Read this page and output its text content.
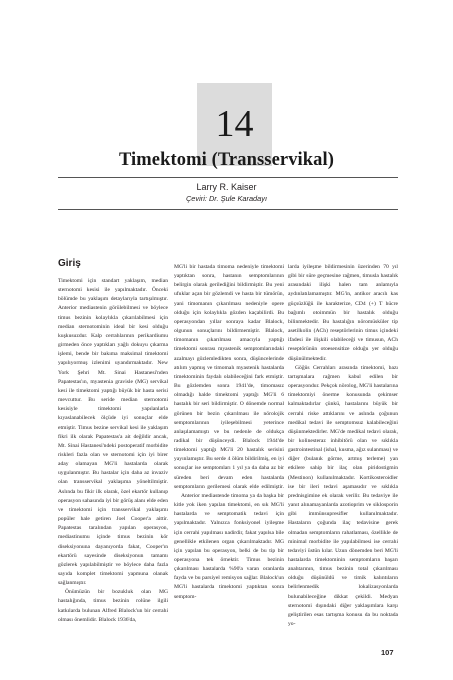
14
Timektomi (Transservikal)
Larry R. Kaiser
Çeviri: Dr. Şule Karadayı
Giriş

Timektomi için standart yaklaşım, median sternotomi kesisi ile yapılmaktadır. Önceki bölümde bu yaklaşım detaylarıyla tartışılmıştır. Anterior mediastenin görülebilmesi ve böylece timus bezinin kolaylıkla çıkarılabilmesi için median sternotominin ideal bir kesi olduğu kuşkusuzdur. Kalp cerrahlarının perikardiumu girmeden önce yaptıkları yağlı dokuyu çıkarma işlemi, bende bir bakıma maksimal timektomi yapılıyormuş izlenimi uyandırmaktadır. New York Şehri Mt. Sinai Hastanesi'nden Papatestas'ın, myastenia gravisle (MG) servikal kesi ile timektomi yaptığı büyük bir hasta serisi mevcuttur. Bu seride median sternotomi kesisiyle timektomi yapılanlarla kıyaslanabilecek ölçüde iyi sonuçlar elde etmiştir. Timus bezine servikal kesi ile yaklaşım fikri ilk olarak Papatestas'a ait değildir ancak, Mt. Sinai Hastanesi'ndeki postoperatif morbidite riskleri fazla olan ve sternotomi için iyi birer aday olamayan MG'li hastalarda olarak uygulanmıştır. Bu hastalar için daha az invaziv olan transservikal yaklaşıma yöneltilmiştir. Aslında bu fikir ilk olarak, özel ekartör kullanıp operasyon sahasında iyi bir görüş alanı elde eden ve timektomi için transservikal yaklaşımı popüler hale getiren Joel Cooper'a aittir. Papatestas taralından yapılan operasyon, mediastinumu içinde timus bezinin kör diseksiyonuna dayanıyorda fakat, Cooper'ın ekartörü sayesinde diseksiyonun tamamı gözlerek yapılabilmiştir ve böylece daha fazla sayıda komplet timektomi yapmuna olanak sağlanmıştır.

Önümüzün bir bozukluk olan MG hastalığında, timus bezinin rolüne ilgili katkılarda bulunan Alfred Blalock'un bir cerrahi olması önemlidir. Blalock 1936'da,

MG'li bir hastada timoma nedeniyle timektomi yaptıktan sonra, hastanın semptomlarının belirgin olarak gerilediğini bildirmiştir. Bu yeni ufuklar açan bir gözlemdi ve hasta bir tümörün, yani timomanın çıkarılması nedeniyle opere olduğu için kolaylıkla gözden kaçabilirdi. Bu operasyondan yıllar sonraya kadar Blalock, olgunun sonuçlarını bildirmemiştir. Blalock, timomanın çıkarılması amacıyla yaptığı timektomi sonrası myastenik semptomlarındaki azalmayı gözlemledikten sonra, düşüncelerinde atılım yapmış ve timomalı myastenik hastalarda timektominin faydalı olabileceğini fark etmiştir. Bu gözlemden sonra 1941'de, timomasız olmadığı halde timektomi yaptığı MG'li 6 hastalık bir seri bildirmiştir. O dönemde normal görünen bir bezin çıkarılması ile nörolojik semptomlarının iyileşebilmesi yeterince anlaşılamamıştı ve bu nedenle de oldukça radikal bir düşünceydi. Blalock 1944'de timektomi yaptığı MG'li 20 hastalık serisini yayınlamıştır. Bu serde 4 ölüm bildirilmiş, en iyi sonuçlar ise semptomları 1 yıl ya da daha az bir süreden beri devam eden hastalarda semptomların gerilemesi olarak elde edilmiştir.

Anterior mediastende timoma ya da başka bir kitle yok iken yapılan timektomi, en sık MG'li hastalarda ve semptomatik tedavi için yapılmaktadır. Yalnızca fonksiyonel iyileşme için cerrahi yapılması nadirdir, fakat yapılsa bile genellikle etkilenen organ çıkarılmaktadır. MG için yapılan bu operasyon, belki de bu tip bir operasyona tek örnektir. Timus bezinin çıkarılması hastalarda %90'a varan oranlarda fayda ve bu parsiyel remisyon sağlar. Blalock'un MG'li hastalarda timektomi yaptıktan sonra semptom-

larda iyileşme bildirmesinin üzerinden 70 yıl gibi bir süre geçmesine rağmen, timusla hastalık arasındaki ilişki halen tam anlamıyla aydınlatılamamıştır. MG'in, antikor aracılı kas güçsüzlüğü ile karakterize, CD4 (+) T hücre bağımlı otoimmün bir hastalık olduğu bilinmektedir. Bu hastalığın nöromüsküler tip asetilkolin (ACh) reseptörlerinin timus içindeki ifadesi ile ilişkili olabileceği ve timusun, ACh reseptörünün otoesensitize olduğu yer olduğu düşünülmektedir.

Göğüs Cerrahları arasında timektomi, bazı tartışmalara rağmen kabul edilen bir operasyondur. Pekçok nörolog, MG'li hastalarına timektomiyi önerme konusunda çekimser kalmaktadırlar çünkü, hastalarını büyük bir cerrahi riske attıklarını ve aslında çoğunun medikal tedavi ile semptomsuz kalabileceğini düşünmektedirler. MG'de medikal tedavi olarak, bir kolinesteraz inhibitörü olan ve sıklıkla gastrointestinal (ishal, kusma, ağız sulanması) ve diğer (bulanık görme, artmış terleme) yan etkilere sahip bir ilaç olan piridostigmin (Mestinon) kullanılmaktadır. Kortikosteroidler ise bir ileri tedavi aşamasıdır ve sıklıkla prednisgimine ek olarak verilir. Bu tedaviye ile yanıt alınamayanlarda azotioprim ve siklosporin gibi immünsupresifler kullanılmaktadır. Hastaların çoğunda ilaç tedavisine gerek olmadan semptomların rahatlaması, özellikle de minimal morbidite ile yapılabilmesi ise cerrahi tedaviyi üstün kılar. Uzun dönemden beri MG'li hastalarda timektominin semptomların başarı anahtarının, timus bezinin total çıkarılması olduğu düşünüldü ve timik kalıntıların belirlenmedik lokalizasyonlarda bulunabileceğine dikkat çekildi. Medyan sternotomi dışındaki diğer yaklaşımlara karşı geliştirilen esas tartışma konusu da bu noktada yo-

107
